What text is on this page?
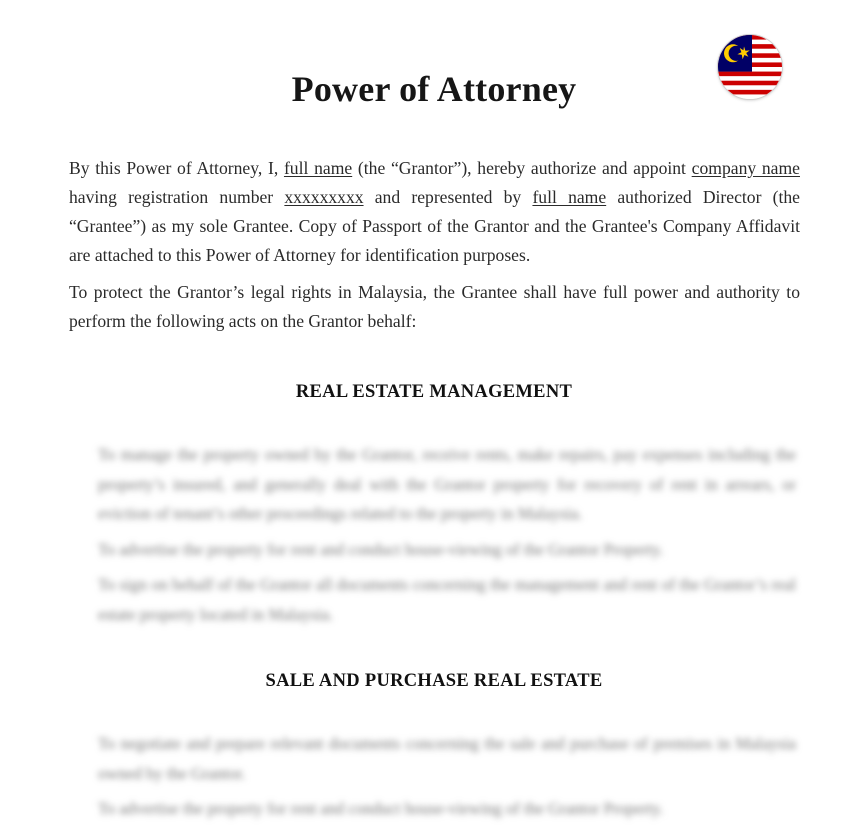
Power of Attorney

By this Power of Attorney, I, full name (the “Grantor”), hereby authorize and appoint company name having registration number xxxxxxxxx and represented by full name authorized Director (the “Grantee”) as my sole Grantee. Copy of Passport of the Grantor and the Grantee's Company Affidavit are attached to this Power of Attorney for identification purposes.

To protect the Grantor’s legal rights in Malaysia, the Grantee shall have full power and authority to perform the following acts on the Grantor behalf:

REAL ESTATE MANAGEMENT

To manage the property owned by the Grantor, receive rents, make repairs, pay expenses including the property’s insured, and generally deal with the Grantor property for recovery of rent in arrears, or eviction of tenant’s other proceedings related to the property in Malaysia.

To advertise the property for rent and conduct house-viewing of the Grantor Property.

To sign on behalf of the Grantor all documents concerning the management and rent of the Grantor’s real estate property located in Malaysia.

SALE AND PURCHASE REAL ESTATE

To negotiate and prepare relevant documents concerning the sale and purchase of premises in Malaysia owned by the Grantor.

To advertise the property for rent and conduct house-viewing of the Grantor Property.
